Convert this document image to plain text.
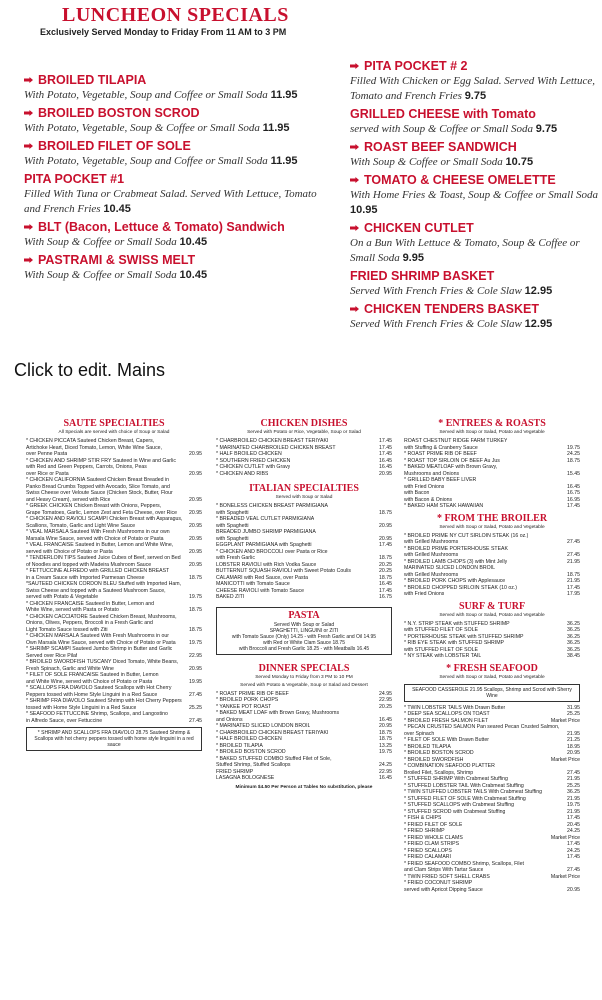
LUNCHEON SPECIALS
Exclusively Served Monday to Friday From 11 AM to 3 PM
BROILED TILAPIA
With Potato, Vegetable, Soup and Coffee or Small Soda 11.95
BROILED BOSTON SCROD
With Potato, Vegetable, Soup & Coffee or Small Soda 11.95
BROILED FILET OF SOLE
With Potato, Vegetable, Soup and Coffee or Small Soda 11.95
PITA POCKET #1
Filled With Tuna or Crabmeat Salad. Served With Lettuce, Tomato and French Fries 10.45
BLT (Bacon, Lettuce & Tomato) Sandwich
With Soup & Coffee or Small Soda 10.45
PASTRAMI & SWISS MELT
With Soup & Coffee or Small Soda 10.45
PITA POCKET # 2
Filled With Chicken or Egg Salad. Served With Lettuce, Tomato and French Fries 9.75
GRILLED CHEESE with Tomato
served with Soup & Coffee or Small Soda 9.75
ROAST BEEF SANDWICH
With Soup & Coffee or Small Soda 10.75
TOMATO & CHEESE OMELETTE
With Home Fries & Toast, Soup & Coffee or Small Soda 10.95
CHICKEN CUTLET
On a Bun With Lettuce & Tomato, Soup & Coffee or Small Soda 9.95
FRIED SHRIMP BASKET
Served With French Fries & Cole Slaw 12.95
CHICKEN TENDERS BASKET
Served With French Fries & Cole Slaw 12.95
Click to edit. Mains
SAUTE SPECIALTIES
All Specials are served with choice of Soup or Salad
* CHICKEN PICCATA Sauteed Chicken Breast, Capers,
Artichoke Heart, Diced Tomato, Lemon, White Wine Sauce,
over Penne Pasta	20.95
* CHICKEN AND SHRIMP STIR FRY Sauteed in Wine and Garlic
with Red and Green Peppers, Carrots, Onions, Peas
over Rice or Pasta	20.95
* CHICKEN CALIFORNIA Sauteed Chicken Breast Breaded in
Panko Bread Crumbs Topped with Avocado, Slice Tomato, and
Swiss Cheese over Veloute Sauce (Chicken Stock, Butter, Flour
and Heavy Cream), served with Rice	20.95
* GREEK CHICKEN Chicken Breast with Onions, Peppers,
Grape Tomatoes, Garlic, Lemon Zest and Feta Cheese, over Rice 20.95
* CHICKEN AND RAVIOLI SCAMPI Chicken Breast with Asparagus,
Scallions, Tomato, Garlic and Light Wine Sauce	20.95
* VEAL MARSALA Sauteed With Fresh Mushrooms in our own
Marsala Wine Sauce, served with Choice of Potato or Pasta	20.95
* VEAL FRANCAISE Sauteed in Butter, Lemon and White Wine,
served with Choice of Potato or Pasta	20.95
* TENDERLOIN TIPS Sauteed Juice Cubes of Beef, served on Bed
of Noodles and topped with Madeira Mushroom Sauce	20.95
* FETTUCCINE ALFREDO with GRILLED CHICKEN BREAST
in a Cream Sauce with Imported Parmesan Cheese	18.75
*SAUTEED CHICKEN CORDON BLEU Stuffed with Imported Ham,
Swiss Cheese and topped with a Sauteed Mushroom Sauce,
served with Potato & Vegetable	19.75
* CHICKEN FRANCAISE Sauteed in Butter, Lemon and
White Wine, served with Pasta or Potato	18.75
* CHICKEN CACCIATORE Sauteed Chicken Breast, Mushrooms,
Onions, Olives, Peppers, Broccoli in a Fresh Garlic and
Light Tomato Sauce tossed with Ziti	18.75
* CHICKEN MARSALA Sauteed With Fresh Mushrooms in our
Own Marsala Wine Sauce, served with Choice of Potato or Pasta	19.75
* SHRIMP SCAMPI Sauteed Jumbo Shrimp in Butter and Garlic
Served over Rice Pilaf	22.95
* BROILED SWORDFISH TUSCANY Diced Tomato, White Beans,
Fresh Spinach, Garlic and White Wine	20.95
* FILET OF SOLE FRANCAISE Sauteed in Butter, Lemon
and White Wine, served with Choice of Potato or Pasta	19.95
* SCALLOPS FRA DIAVOLO Sauteed Scallops with Hot Cherry
Peppers tossed with Home Style Linguini in a Red Sauce	27.45
* SHRIMP FRA DIAVOLO Sauteed Shrimp with Hot Cherry Peppers
tossed with Home Style Linguini in a Red Sauce	25.25
* SEAFOOD FETTUCCINE Shrimp, Scallops, and Langostino
in Alfredo Sauce, over Fettuccine	27.45
* SHRIMP AND SCALLOPS FRA DIAVOLO 28.75 Sauteed Shrimp & Scallops with hot cherry peppers tossed with home style linguini in a red sauce
CHICKEN DISHES
Served with Potato or Rice, Vegetable, Soup or Salad
* CHARBROILED CHICKEN BREAST TERIYAKI	17.45
* MARINATED CHARBROILED CHICKEN BREAST	17.45
* HALF BROILED CHICKEN	17.45
* SOUTHERN FRIED CHICKEN	16.45
* CHICKEN CUTLET with Gravy	16.45
* CHICKEN AND RIBS	20.95
ITALIAN SPECIALTIES
Served with Soup or Salad
* BONELESS CHICKEN BREAST PARMIGIANA
with Spaghetti	18.75
* BREADED VEAL CUTLET PARMIGIANA
with Spaghetti	20.95
BREADED JUMBO SHRIMP PARMIGIANA
with Spaghetti	20.95
EGGPLANT PARMIGIANA with Spaghetti	17.45
* CHICKEN AND BROCCOLI over Pasta or Rice
with Fresh Garlic	18.75
LOBSTER RAVIOLI with Rich Vodka Sauce	20.25
BUTTERNUT SQUASH RAVIOLI with Sweet Potato Coulis	20.25
CALAMARI with Red Sauce, over Pasta	18.75
MANICOTTI with Tomato Sauce	16.45
CHEESE RAVIOLI with Tomato Sauce	17.45
BAKED ZITI	16.75
PASTA
Served With Soup or Salad
SPAGHETTI, LINGUINI or ZITI
with Tomato Sauce (Only) 14.25 - with Fresh Garlic and Oil 14.95
with Red or White Clam Sauce 18.75
with Broccoli and Fresh Garlic 18.25 - with Meatballs 16.45
DINNER SPECIALS
Served Monday to Friday from 3 PM to 10 PM
Served with Potato & Vegetable, Soup or Salad and Dessert
* ROAST PRIME RIB OF BEEF	24.95
* BROILED PORK CHOPS	22.95
* YANKEE POT ROAST	20.25
* BAKED MEAT LOAF with Brown Gravy, Mushrooms
and Onions	16.45
* MARINATED SLICED LONDON BROIL	20.95
* CHARBROILED CHICKEN BREAST TERIYAKI	18.75
* HALF BROILED CHICKEN	18.75
* BROILED TILAPIA	13.25
* BROILED BOSTON SCROD	19.75
* BAKED STUFFED COMBO Stuffed Filet of Sole,
Stuffed Shrimp, Stuffed Scallops	24.25
FRIED SHRIMP	22.95
LASAGNA BOLOGNESE	16.45
Minimum $4.50 Per Person at Tables No substitution, please
* ENTREES & ROASTS
Served with Soup or Salad, Potato and Vegetable
ROAST CHESTNUT RIDGE FARM TURKEY
with Stuffing & Cranberry Sauce	19.75
* ROAST PRIME RIB OF BEEF	24.25
* ROAST TOP SIRLOIN OF BEEF Au Jus	18.75
* BAKED MEATLOAF with Brown Gravy,
Mushrooms and Onions	15.45
* GRILLED BABY BEEF LIVER
with Fried Onions	16.45
with Bacon	16.75
with Bacon & Onions	16.95
* BAKED HAM STEAK HAWAIIAN	17.45
* FROM THE BROILER
Served with Soup or Salad, Potato and Vegetable
* BROILED PRIME NY CUT SIRLOIN STEAK (16 oz.)
with Grilled Mushrooms	27.45
* BROILED PRIME PORTERHOUSE STEAK
with Grilled Mushrooms	27.45
* BROILED LAMB CHOPS (3) with Mint Jelly	21.95
MARINATED SLICED LONDON BROIL
with Grilled Mushrooms	18.75
* BROILED PORK CHOPS with Applesauce	21.95
* BROILED CHOPPED SIRLOIN STEAK (10 oz.)	17.45
with Fried Onions	17.95
SURF & TURF
Served with Soup or Salad, Potato and Vegetable
* N.Y. STRIP STEAK with STUFFED SHRIMP	36.25
with STUFFED FILET OF SOLE	36.25
* PORTERHOUSE STEAK with STUFFED SHRIMP	36.25
* RIB EYE STEAK with STUFFED SHRIMP	36.25
with STUFFED FILET OF SOLE	36.25
* NY STEAK with LOBSTER TAIL	38.45
* FRESH SEAFOOD
Served with Soup or Salad, Potato and Vegetable
SEAFOOD CASSEROLE 21.95 Scallops, Shrimp and Scrod with Sherry Wine
* TWIN LOBSTER TAILS With Drawn Butter	31.95
* DEEP SEA SCALLOPS ON TOAST	25.25
* BROILED FRESH SALMON FILET	Market Price
* PECAN CRUSTED SALMON Pan seared Pecan Crusted Salmon,
over Spinach	21.95
* FILET OF SOLE With Drawn Butter	21.25
* BROILED TILAPIA	18.95
* BROILED BOSTON SCROD	20.95
* BROILED SWORDFISH	Market Price
* COMBINATION SEAFOOD PLATTER
Broiled Filet, Scallops, Shrimp	27.45
* STUFFED SHRIMP With Crabmeat Stuffing	21.95
* STUFFED LOBSTER TAIL With Crabmeat Stuffing	25.25
* TWIN STUFFED LOBSTER TAILS With Crabmeat Stuffing	36.25
* STUFFED FILET OF SOLE With Crabmeat Stuffing	21.95
* STUFFED SCALLOPS with Crabmeat Stuffing	19.75
* STUFFED SCROD with Crabmeat Stuffing	21.95
* FISH & CHIPS	17.45
* FRIED FILET OF SOLE	20.45
* FRIED SHRIMP	24.25
* FRIED WHOLE CLAMS	Market Price
* FRIED CLAM STRIPS	17.45
* FRIED SCALLOPS	24.25
* FRIED CALAMARI	17.45
* FRIED SEAFOOD COMBO Shrimp, Scallops, Filet
and Clam Strips With Tartar Sauce	27.45
* TWIN FRIED SOFT SHELL CRABS	Market Price
* FRIED COCONUT SHRIMP
served with Apricot Dipping Sauce	20.95
